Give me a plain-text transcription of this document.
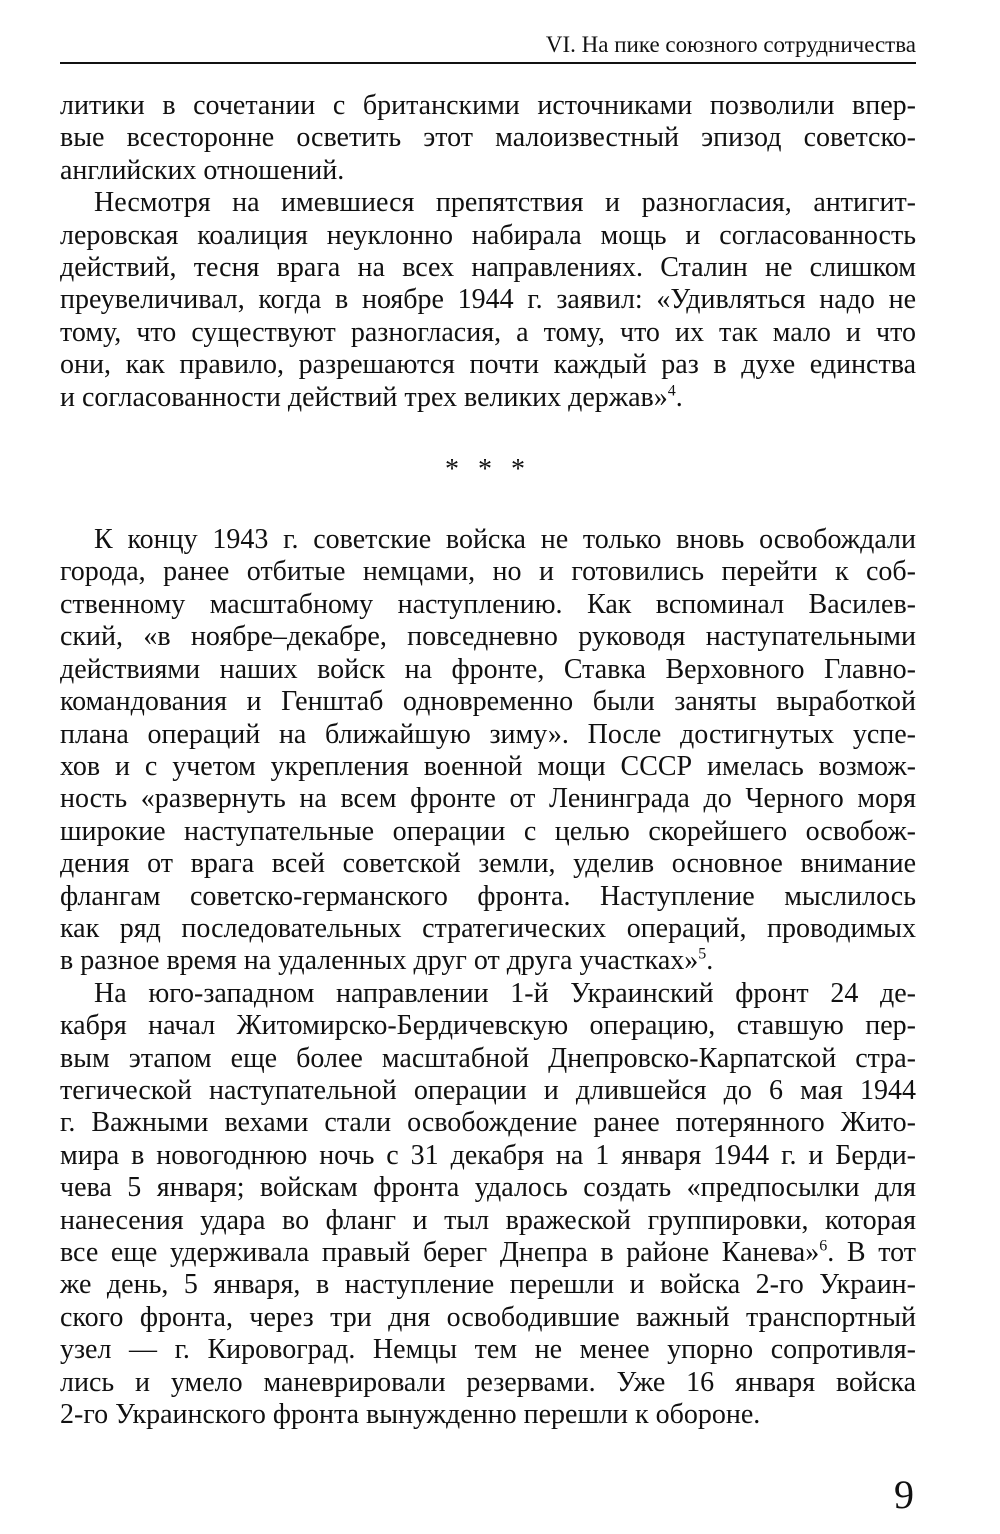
VI. На пике союзного сотрудничества

литики в сочетании с британскими источниками позволили впер-
вые всесторонне осветить этот малоизвестный эпизод советско-
английских отношений.

Несмотря на имевшиеся препятствия и разногласия, антигит-
леровская коалиция неуклонно набирала мощь и согласованность
действий, тесня врага на всех направлениях. Сталин не слишком
преувеличивал, когда в ноябре 1944 г. заявил: «Удивляться надо не
тому, что существуют разногласия, а тому, что их так мало и что
они, как правило, разрешаются почти каждый раз в духе единства
и согласованности действий трех великих держав»$^4$.

* * *

К концу 1943 г. советские войска не только вновь освобождали
города, ранее отбитые немцами, но и готовились перейти к соб-
ственному масштабному наступлению. Как вспоминал Василев-
ский, «в ноябре–декабре, повседневно руководя наступательными
действиями наших войск на фронте, Ставка Верховного Главно-
командования и Генштаб одновременно были заняты выработкой
плана операций на ближайшую зиму». После достигнутых успе-
хов и с учетом укрепления военной мощи СССР имелась возмож-
ность «развернуть на всем фронте от Ленинграда до Черного моря
широкие наступательные операции с целью скорейшего освобож-
дения от врага всей советской земли, уделив основное внимание
флангам советско-германского фронта. Наступление мыслилось
как ряд последовательных стратегических операций, проводимых
в разное время на удаленных друг от друга участках»$^5$.

На юго-западном направлении 1-й Украинский фронт 24 де-
кабря начал Житомирско-Бердичевскую операцию, ставшую пер-
вым этапом еще более масштабной Днепровско-Карпатской стра-
тегической наступательной операции и длившейся до 6 мая 1944
г. Важными вехами стали освобождение ранее потерянного Жито-
мира в новогоднюю ночь с 31 декабря на 1 января 1944 г. и Берди-
чева 5 января; войскам фронта удалось создать «предпосылки для
нанесения удара во фланг и тыл вражеской группировки, которая
все еще удерживала правый берег Днепра в районе Канева»$^6$. В тот
же день, 5 января, в наступление перешли и войска 2-го Украин-
ского фронта, через три дня освободившие важный транспортный
узел — г. Кировоград. Немцы тем не менее упорно сопротивля-
лись и умело маневрировали резервами. Уже 16 января войска
2-го Украинского фронта вынужденно перешли к обороне.

9
